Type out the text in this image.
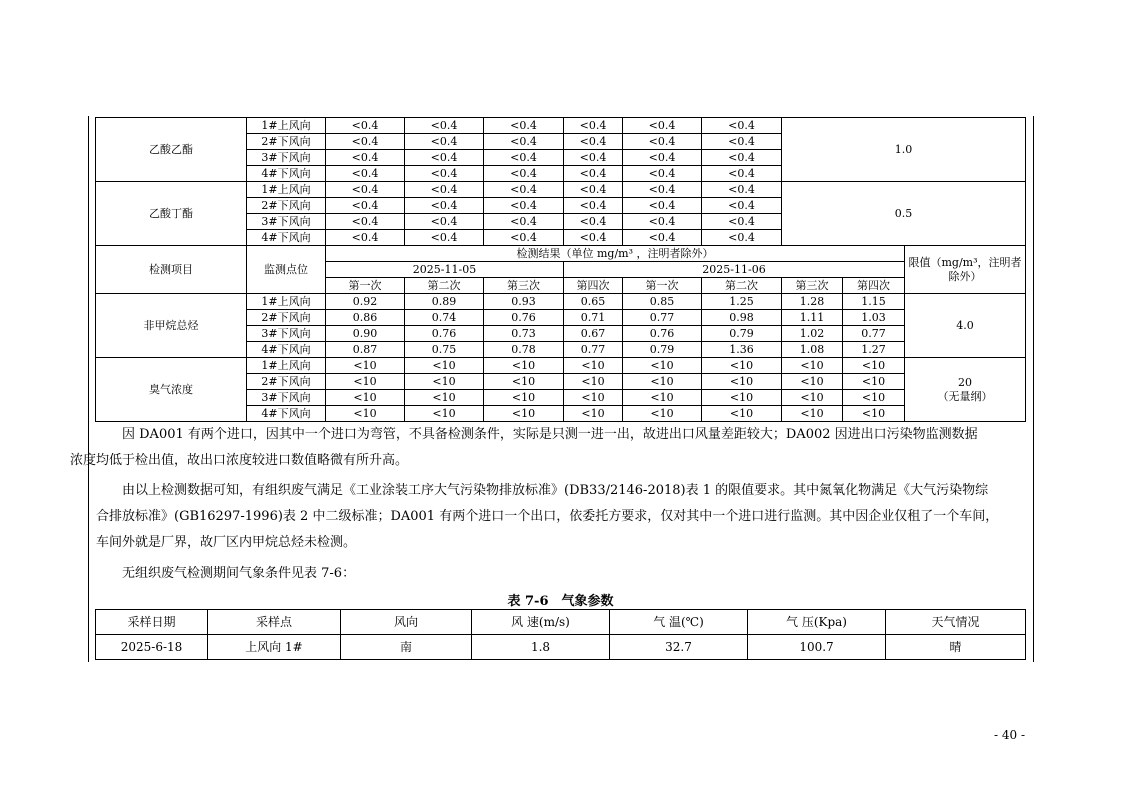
乙酸乙酯	1#上风向	<0.4	<0.4	<0.4	<0.4	<0.4	<0.4	1.0		
	2#下风向	<0.4	<0.4	<0.4	<0.4	<0.4	<0.4			
	3#下风向	<0.4	<0.4	<0.4	<0.4	<0.4	<0.4			
	4#下风向	<0.4	<0.4	<0.4	<0.4	<0.4	<0.4			
乙酸丁酯	1#上风向	<0.4	<0.4	<0.4	<0.4	<0.4	<0.4	0.5		
	2#下风向	<0.4	<0.4	<0.4	<0.4	<0.4	<0.4			
	3#下风向	<0.4	<0.4	<0.4	<0.4	<0.4	<0.4			
	4#下风向	<0.4	<0.4	<0.4	<0.4	<0.4	<0.4			
检测项目	监测点位	检测结果（单位 mg/m³ ，注明者除外）								限值（mg/m³，注明者除外）
		2025-11-05			2025-11-06					
		第一次	第二次	第三次	第四次	第一次	第二次	第三次	第四次	
非甲烷总烃	1#上风向	0.92	0.89	0.93	0.65	0.85	1.25	1.28	1.15	4.0

	2#下风向	0.86	0.74	0.76	0.71	0.77	0.98	1.11	1.03	
	3#下风向	0.90	0.76	0.73	0.67	0.76	0.79	1.02	0.77	
	4#下风向	0.87	0.75	0.78	0.77	0.79	1.36	1.08	1.27	
臭气浓度	1#上风向	<10	<10	<10	<10	<10	<10	<10	<10	20
（无量纲）

	2#下风向	<10	<10	<10	<10	<10	<10	<10	<10	
	3#下风向	<10	<10	<10	<10	<10	<10	<10	<10	
	4#下风向	<10	<10	<10	<10	<10	<10	<10	<10	
因 DA001 有两个进口，因其中一个进口为弯管，不具备检测条件，实际是只测一进一出，故进出口风量差距较大；DA002 因进出口污染物监测数据
浓度均低于检出值，故出口浓度较进口数值略微有所升高。
由以上检测数据可知，有组织废气满足《工业涂装工序大气污染物排放标准》(DB33/2146-2018)表 1 的限值要求。其中氮氧化物满足《大气污染物综
合排放标准》(GB16297-1996)表 2 中二级标准；DA001 有两个进口一个出口，依委托方要求，仅对其中一个进口进行监测。其中因企业仅租了一个车间，
车间外就是厂界，故厂区内甲烷总烃未检测。
无组织废气检测期间气象条件见表 7-6：
表 7-6　气象参数
采样日期	采样点	风向	风 速(m/s)	气 温(℃)	气 压(Kpa)	天气情况
2025-6-18	上风向 1#	南	1.8	32.7	100.7	晴
- 40 -
